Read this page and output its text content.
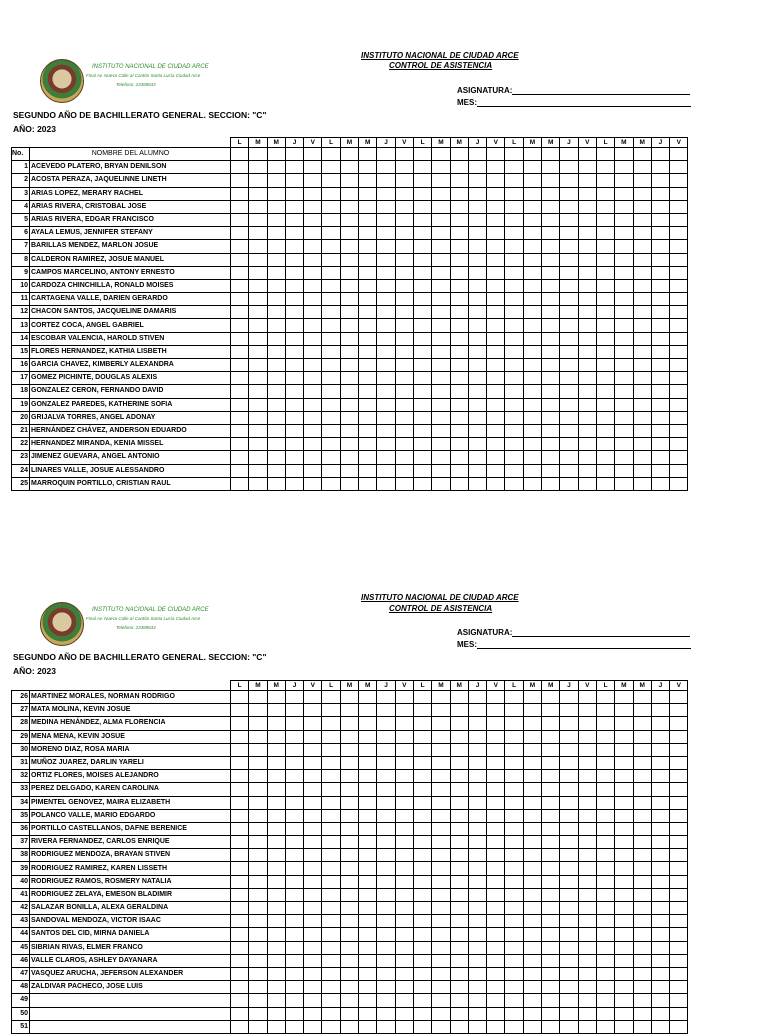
INSTITUTO NACIONAL DE CIUDAD ARCE
Final Av. Nueva Calle al Cantón Santa Lucía Ciudad Arce
Telefono: 23389633
INSTITUTO NACIONAL DE CIUDAD ARCE
CONTROL DE ASISTENCIA
ASIGNATURA:
MES:
SEGUNDO AÑO DE BACHILLERATO GENERAL. SECCION: "C"
AÑO: 2023
		L	M	M	J	V	L	M	M	J	V	L	M	M	J	V	L	M	M	J	V	L	M	M	J	V
No.	NOMBRE DEL ALUMNO																									
1	ACEVEDO PLATERO, BRYAN DENILSON																									
2	ACOSTA PERAZA, JAQUELINNE LINETH																									
3	ARIAS LOPEZ, MERARY RACHEL																									
4	ARIAS RIVERA, CRISTOBAL JOSE																									
5	ARIAS RIVERA, EDGAR FRANCISCO																									
6	AYALA LEMUS, JENNIFER STEFANY																									
7	BARILLAS MENDEZ, MARLON JOSUE																									
8	CALDERON RAMIREZ, JOSUE MANUEL																									
9	CAMPOS MARCELINO, ANTONY ERNESTO																									
10	CARDOZA CHINCHILLA, RONALD MOISES																									
11	CARTAGENA VALLE, DARIEN GERARDO																									
12	CHACON SANTOS, JACQUELINE DAMARIS																									
13	CORTEZ COCA, ANGEL GABRIEL																									
14	ESCOBAR VALENCIA, HAROLD STIVEN																									
15	FLORES HERNANDEZ, KATHIA LISBETH																									
16	GARCIA CHAVEZ, KIMBERLY ALEXANDRA																									
17	GOMEZ PICHINTE, DOUGLAS ALEXIS																									
18	GONZALEZ CERON, FERNANDO DAVID																									
19	GONZALEZ PAREDES, KATHERINE SOFIA																									
20	GRIJALVA TORRES, ANGEL ADONAY																									
21	HERNÁNDEZ CHÁVEZ, ANDERSON EDUARDO																									
22	HERNANDEZ MIRANDA, KENIA MISSEL																									
23	JIMENEZ GUEVARA, ANGEL ANTONIO																									
24	LINARES VALLE, JOSUE ALESSANDRO																									
25	MARROQUIN PORTILLO, CRISTIAN RAUL																									
INSTITUTO NACIONAL DE CIUDAD ARCE
Final Av. Nueva Calle al Cantón Santa Lucía Ciudad Arce
Telefono: 23389633
INSTITUTO NACIONAL DE CIUDAD ARCE
CONTROL DE ASISTENCIA
ASIGNATURA:
MES:
SEGUNDO AÑO DE BACHILLERATO GENERAL. SECCION: "C"
AÑO: 2023
		L	M	M	J	V	L	M	M	J	V	L	M	M	J	V	L	M	M	J	V	L	M	M	J	V
26	MARTINEZ MORALES, NORMAN RODRIGO																									
27	MATA MOLINA, KEVIN JOSUE																									
28	MEDINA HENÁNDEZ, ALMA FLORENCIA																									
29	MENA MENA, KEVIN JOSUE																									
30	MORENO DIAZ, ROSA MARIA																									
31	MUÑOZ JUAREZ, DARLIN YARELI																									
32	ORTIZ FLORES, MOISES ALEJANDRO																									
33	PEREZ DELGADO, KAREN CAROLINA																									
34	PIMENTEL GENOVEZ, MAIRA ELIZABETH																									
35	POLANCO VALLE, MARIO EDGARDO																									
36	PORTILLO CASTELLANOS, DAFNE BERENICE																									
37	RIVERA FERNANDEZ, CARLOS ENRIQUE																									
38	RODRIGUEZ MENDOZA, BRAYAN STIVEN																									
39	RODRIGUEZ RAMIREZ, KAREN LISSETH																									
40	RODRIGUEZ RAMOS, ROSMERY NATALIA																									
41	RODRIGUEZ ZELAYA, EMESON BLADIMIR																									
42	SALAZAR BONILLA, ALEXA GERALDINA																									
43	SANDOVAL MENDOZA, VICTOR ISAAC																									
44	SANTOS DEL CID, MIRNA DANIELA																									
45	SIBRIAN RIVAS, ELMER FRANCO																									
46	VALLE CLAROS, ASHLEY DAYANARA																									
47	VASQUEZ ARUCHA, JEFERSON ALEXANDER																									
48	ZALDIVAR PACHECO, JOSE LUIS																									
49																										
50																										
51																										
